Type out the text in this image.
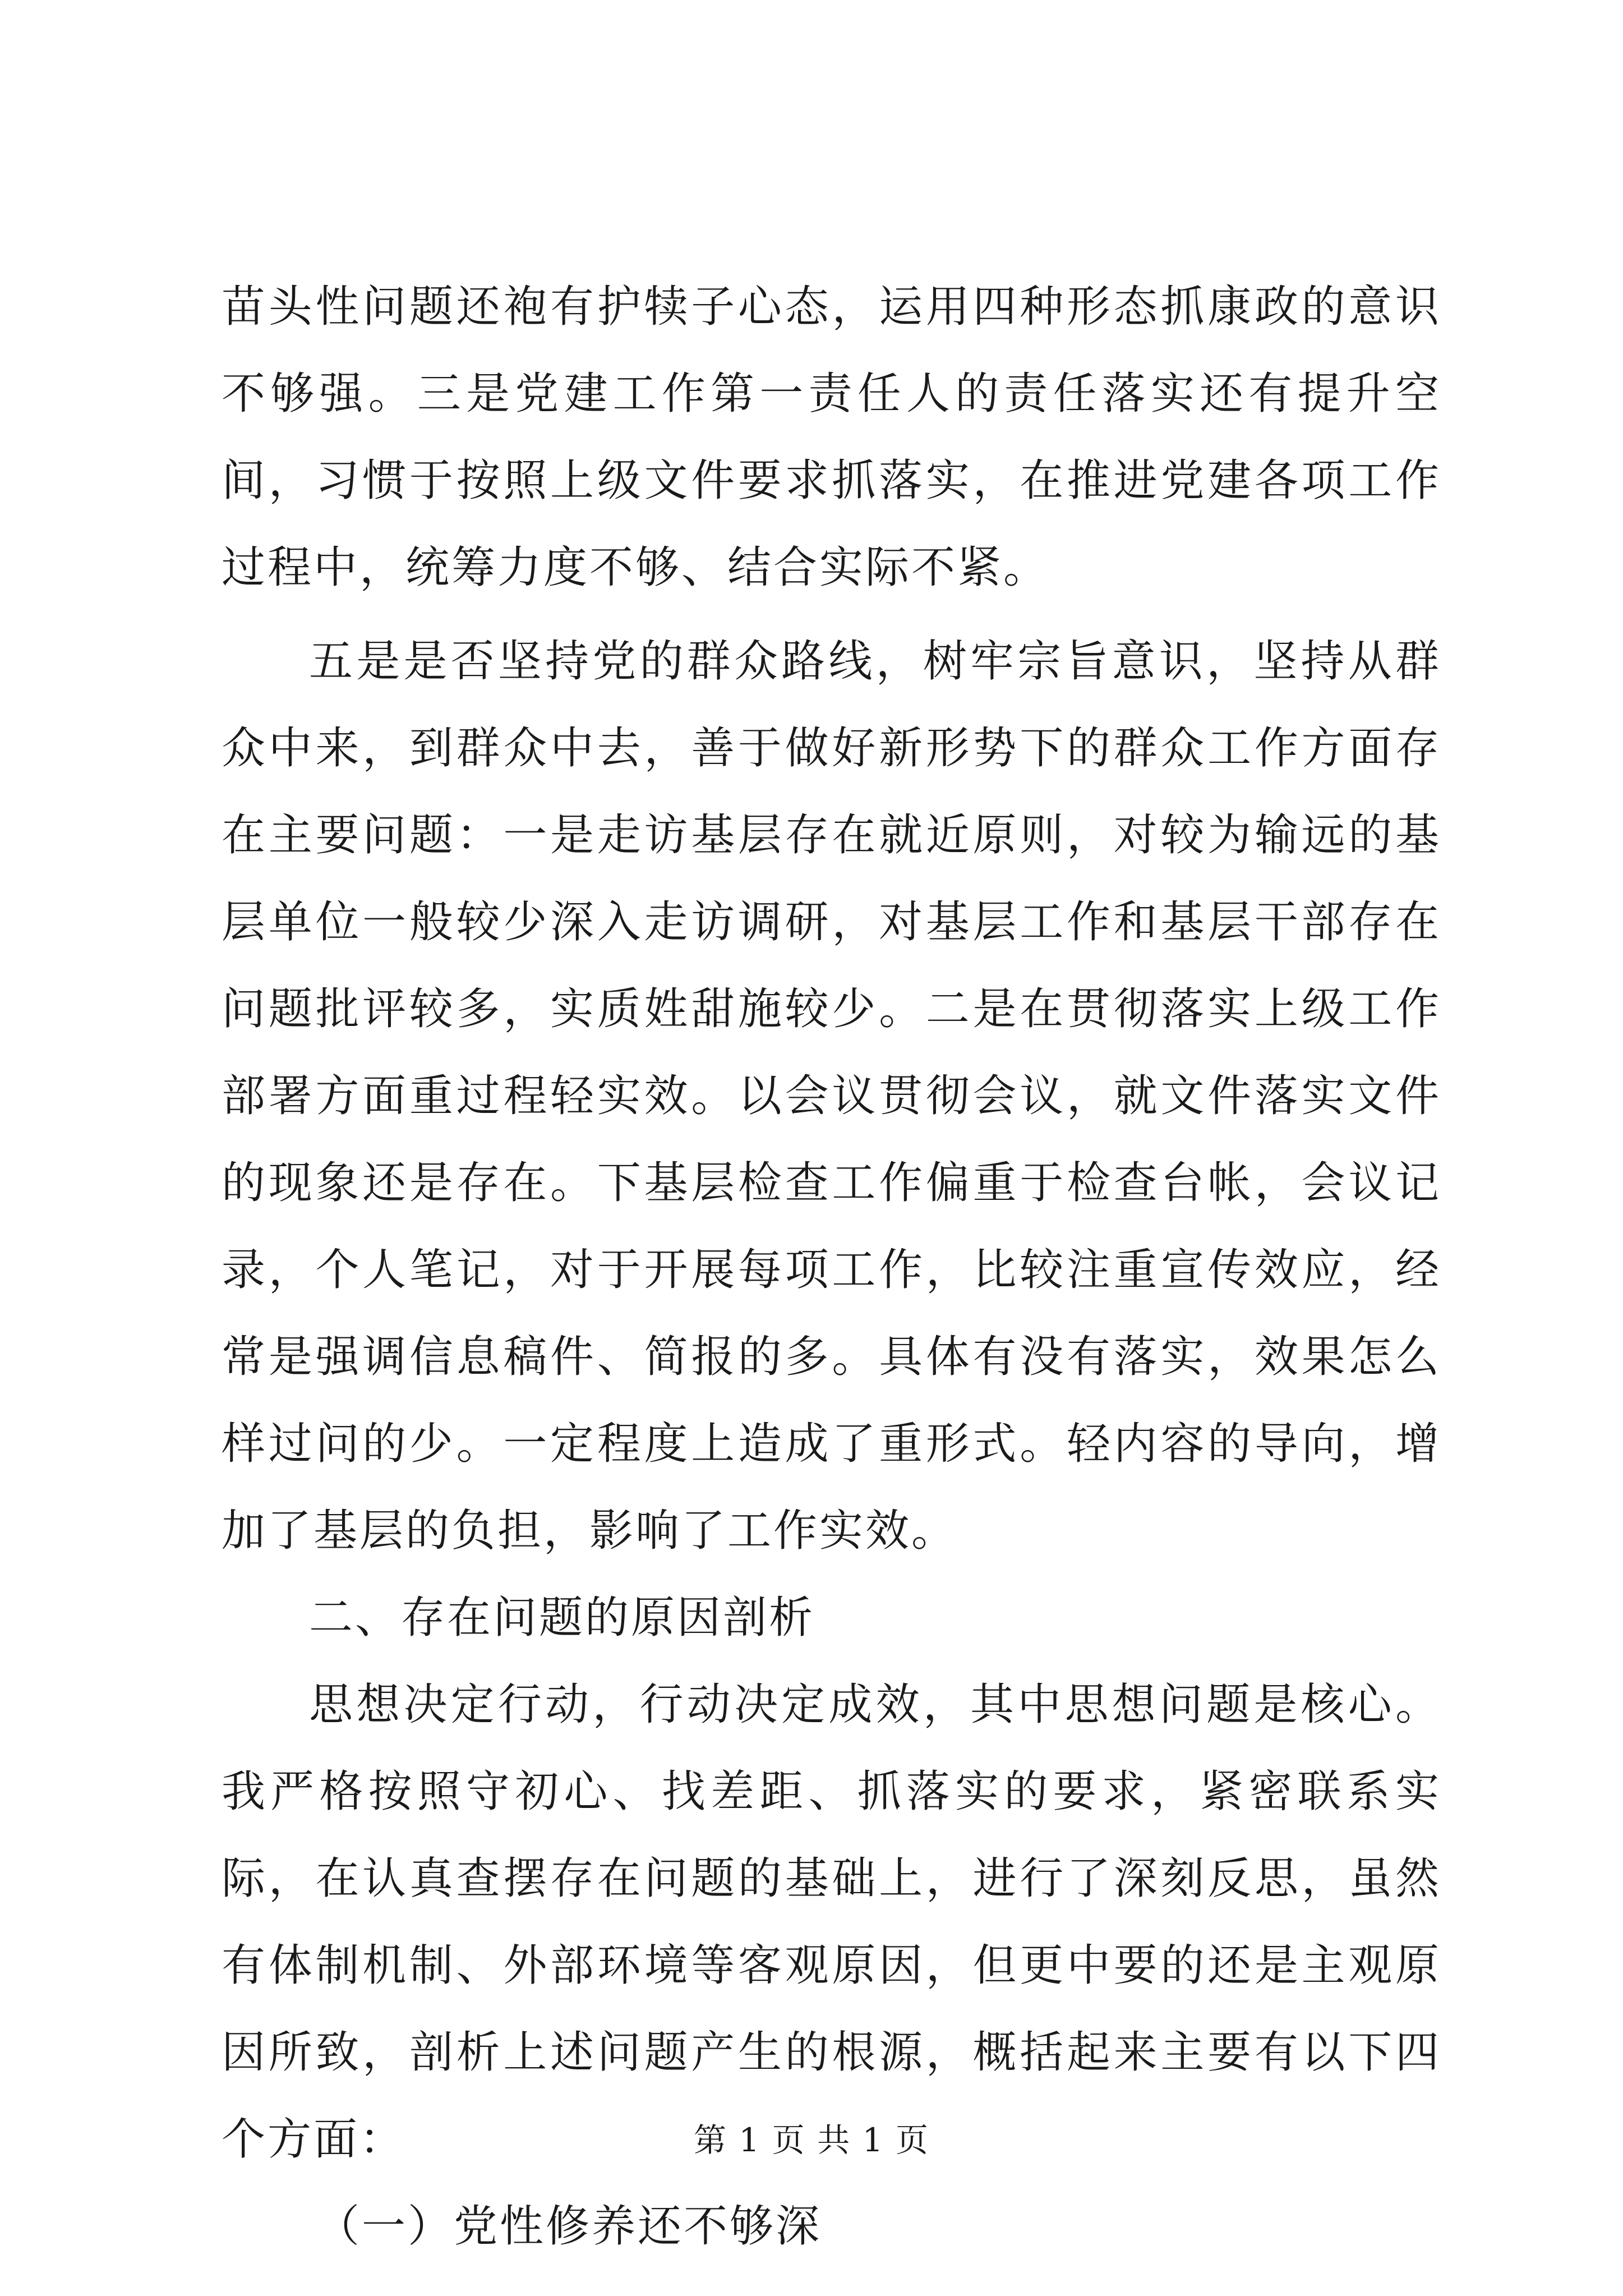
苗头性问题还袍有护犊子心态，运用四种形态抓康政的意识不够强。三是党建工作第一责任人的责任落实还有提升空间，习惯于按照上级文件要求抓落实，在推进党建各项工作过程中，统筹力度不够、结合实际不紧。

五是是否坚持党的群众路线，树牢宗旨意识，坚持从群众中来，到群众中去，善于做好新形势下的群众工作方面存在主要问题：一是走访基层存在就近原则，对较为输远的基层单位一般较少深入走访调研，对基层工作和基层干部存在问题批评较多，实质姓甜施较少。二是在贯彻落实上级工作部署方面重过程轻实效。以会议贯彻会议，就文件落实文件的现象还是存在。下基层检查工作偏重于检查台帐，会议记录，个人笔记，对于开展每项工作，比较注重宣传效应，经常是强调信息稿件、简报的多。具体有没有落实，效果怎么样过问的少。一定程度上造成了重形式。轻内容的导向，增加了基层的负担，影响了工作实效。

二、存在问题的原因剖析

思想决定行动，行动决定成效，其中思想问题是核心。我严格按照守初心、找差距、抓落实的要求，紧密联系实际，在认真查摆存在问题的基础上，进行了深刻反思，虽然有体制机制、外部环境等客观原因，但更中要的还是主观原因所致，剖析上述问题产生的根源，概括起来主要有以下四个方面：

（一）党性修养还不够深

第 1 页 共 1 页
